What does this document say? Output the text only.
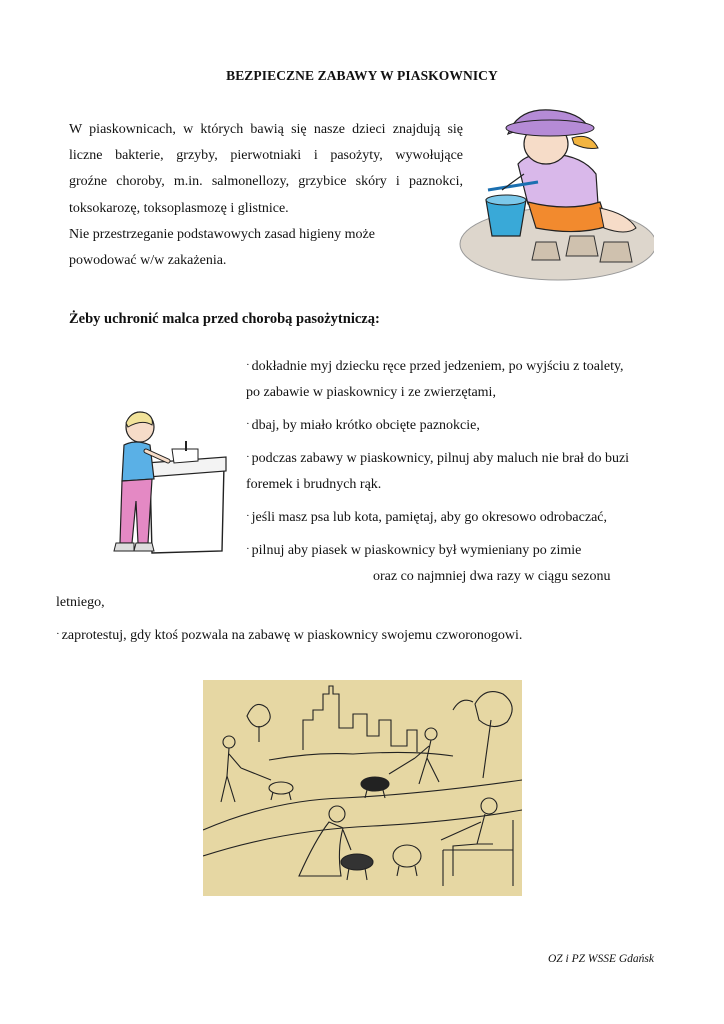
BEZPIECZNE ZABAWY W PIASKOWNICY
W piaskownicach, w których bawią się nasze dzieci znajdują się
liczne bakterie, grzyby, pierwotniaki i pasożyty, wywołujące
groźne choroby, m.in. salmonellozy, grzybice skóry i paznokci,
toksokarozę, toksoplasmozę i glistnice.
Nie przestrzeganie podstawowych zasad higieny może
powodować w/w zakażenia.
Żeby uchronić malca przed chorobą pasożytniczą:
· dokładnie myj dziecku ręce przed jedzeniem, po wyjściu z toalety,
po zabawie w piaskownicy i ze zwierzętami,
· dbaj, by miało krótko obcięte paznokcie,
· podczas zabawy w piaskownicy, pilnuj aby maluch nie brał do buzi
foremek i brudnych rąk.
· jeśli masz psa lub kota, pamiętaj, aby go okresowo odrobaczać,
· pilnuj aby piasek w piaskownicy był wymieniany po zimie
oraz co najmniej dwa razy w ciągu sezonu
letniego,
· zaprotestuj, gdy ktoś pozwala na zabawę w piaskownicy swojemu czworonogowi.
OZ i PZ WSSE Gdańsk
